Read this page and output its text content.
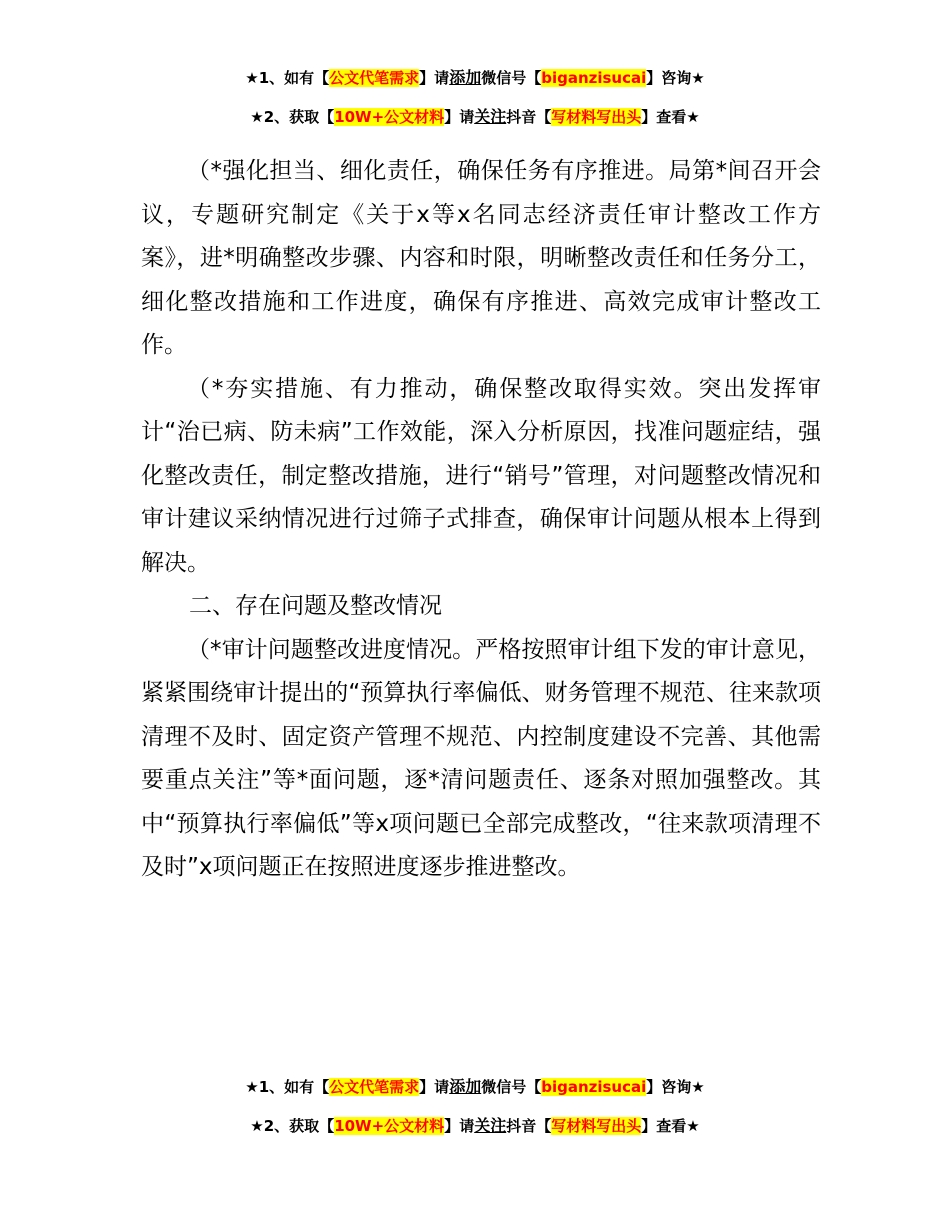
★1、如有【公文代笔需求】请添加微信号【biganzisucai】咨询★
★2、获取【10W+公文材料】请关注抖音【写材料写出头】查看★

（*强化担当、细化责任，确保任务有序推进。局第*间召开会议，专题研究制定《关于x等x名同志经济责任审计整改工作方案》，进*明确整改步骤、内容和时限，明晰整改责任和任务分工，细化整改措施和工作进度，确保有序推进、高效完成审计整改工作。

（*夯实措施、有力推动，确保整改取得实效。突出发挥审计“治已病、防未病”工作效能，深入分析原因，找准问题症结，强化整改责任，制定整改措施，进行“销号”管理，对问题整改情况和审计建议采纳情况进行过筛子式排查，确保审计问题从根本上得到解决。

二、存在问题及整改情况

（*审计问题整改进度情况。严格按照审计组下发的审计意见，紧紧围绕审计提出的“预算执行率偏低、财务管理不规范、往来款项清理不及时、固定资产管理不规范、内控制度建设不完善、其他需要重点关注”等*面问题，逐*清问题责任、逐条对照加强整改。其中“预算执行率偏低”等x项问题已全部完成整改，“往来款项清理不及时”x项问题正在按照进度逐步推进整改。

★1、如有【公文代笔需求】请添加微信号【biganzisucai】咨询★
★2、获取【10W+公文材料】请关注抖音【写材料写出头】查看★
